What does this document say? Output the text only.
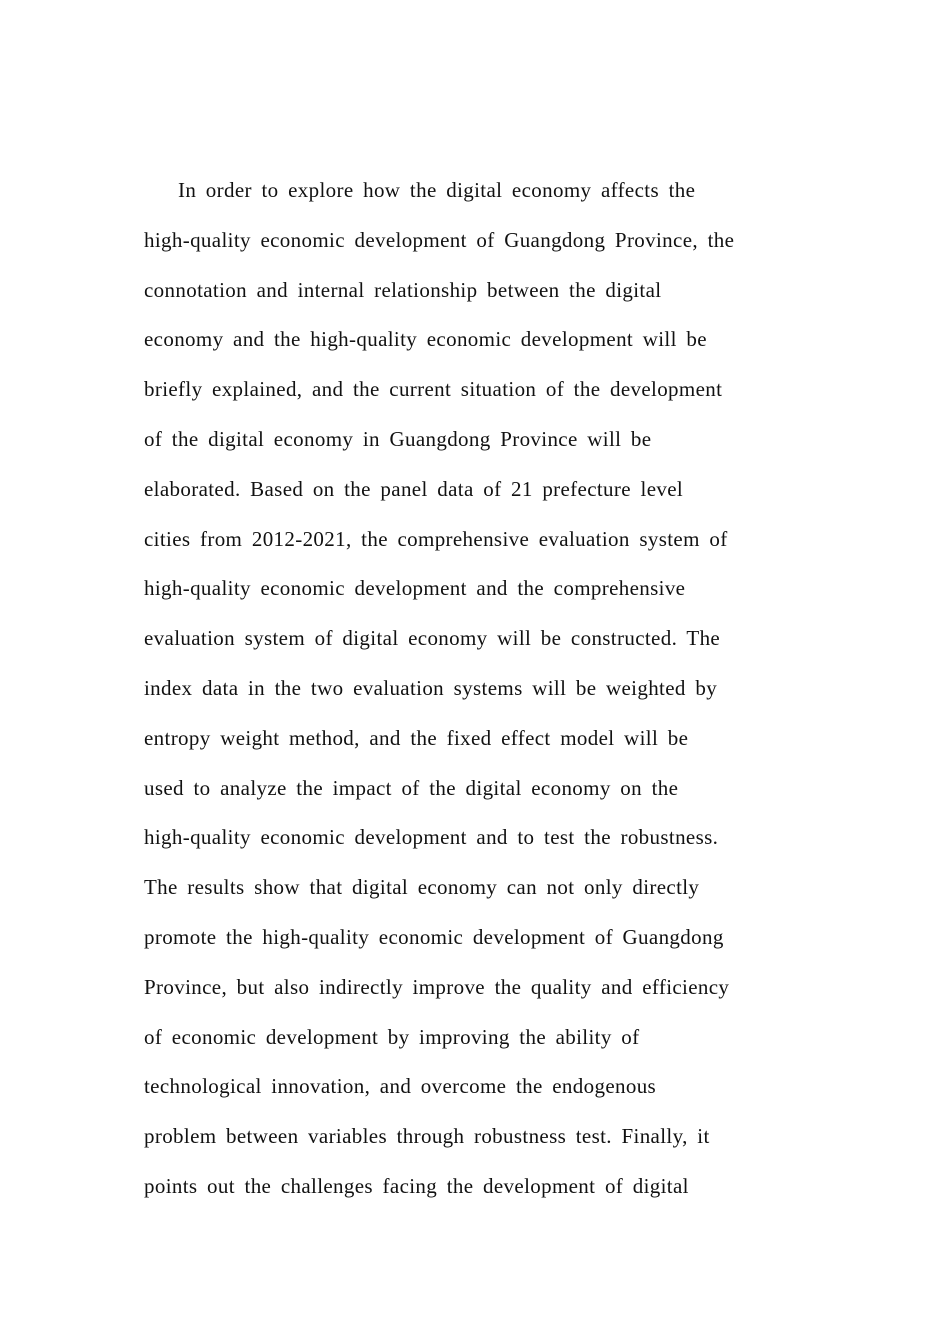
In order to explore how the digital economy affects the
high-quality economic development of Guangdong Province, the
connotation and internal relationship between the digital
economy and the high-quality economic development will be
briefly explained, and the current situation of the development
of the digital economy in Guangdong Province will be
elaborated. Based on the panel data of 21 prefecture level
cities from 2012-2021, the comprehensive evaluation system of
high-quality economic development and the comprehensive
evaluation system of digital economy will be constructed. The
index data in the two evaluation systems will be weighted by
entropy weight method, and the fixed effect model will be
used to analyze the impact of the digital economy on the
high-quality economic development and to test the robustness.
The results show that digital economy can not only directly
promote the high-quality economic development of Guangdong
Province, but also indirectly improve the quality and efficiency
of economic development by improving the ability of
technological innovation, and overcome the endogenous
problem between variables through robustness test. Finally, it
points out the challenges facing the development of digital
